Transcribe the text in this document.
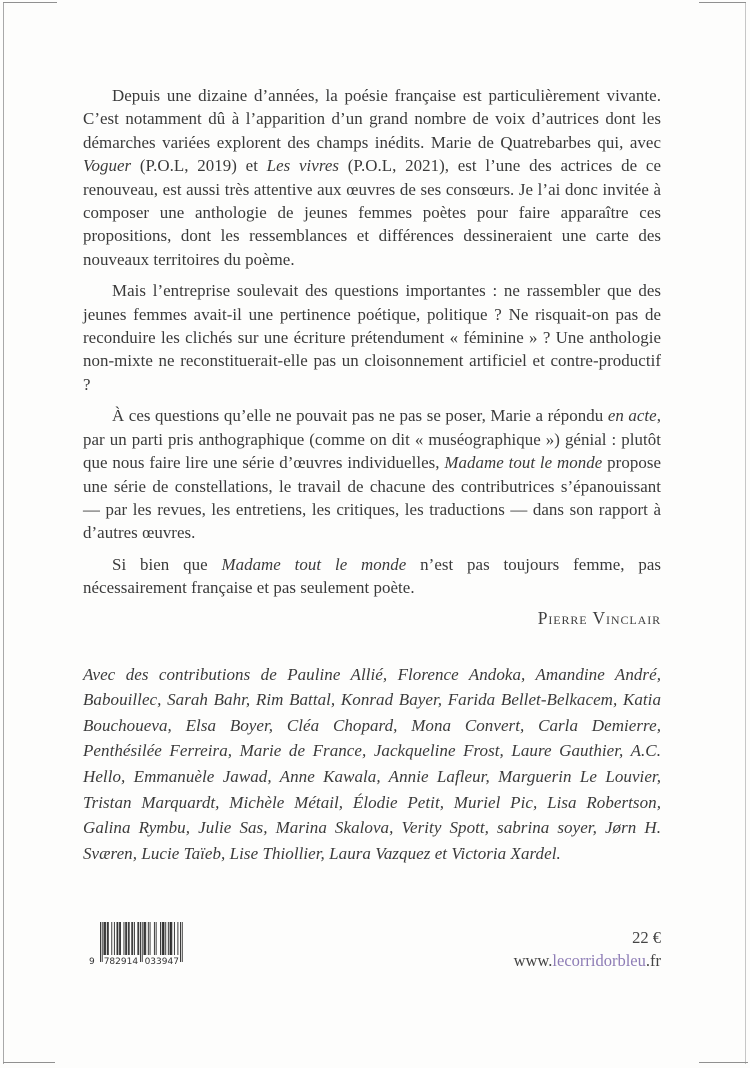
Depuis une dizaine d’années, la poésie française est particulièrement vivante. C’est notamment dû à l’apparition d’un grand nombre de voix d’autrices dont les démarches variées explorent des champs inédits. Marie de Quatrebarbes qui, avec Voguer (P.O.L, 2019) et Les vivres (P.O.L, 2021), est l’une des actrices de ce renouveau, est aussi très attentive aux œuvres de ses consœurs. Je l’ai donc invitée à composer une anthologie de jeunes femmes poètes pour faire apparaître ces propositions, dont les ressemblances et différences dessineraient une carte des nouveaux territoires du poème.

Mais l’entreprise soulevait des questions importantes : ne rassembler que des jeunes femmes avait-il une pertinence poétique, politique ? Ne risquait-on pas de reconduire les clichés sur une écriture prétendument « féminine » ? Une anthologie non-mixte ne reconstituerait-elle pas un cloisonnement artificiel et contre-productif ?

À ces questions qu’elle ne pouvait pas ne pas se poser, Marie a répondu en acte, par un parti pris anthographique (comme on dit « muséographique ») génial : plutôt que nous faire lire une série d’œuvres individuelles, Madame tout le monde propose une série de constellations, le travail de chacune des contributrices s’épanouissant — par les revues, les entretiens, les critiques, les traductions — dans son rapport à d’autres œuvres.

Si bien que Madame tout le monde n’est pas toujours femme, pas nécessairement française et pas seulement poète.

Pierre Vinclair

Avec des contributions de Pauline Allié, Florence Andoka, Amandine André, Babouillec, Sarah Bahr, Rim Battal, Konrad Bayer, Farida Bellet-Belkacem, Katia Bouchoueva, Elsa Boyer, Cléa Chopard, Mona Convert, Carla Demierre, Penthésilée Ferreira, Marie de France, Jackqueline Frost, Laure Gauthier, A.C. Hello, Emmanuèle Jawad, Anne Kawala, Annie Lafleur, Marguerin Le Louvier, Tristan Marquardt, Michèle Métail, Élodie Petit, Muriel Pic, Lisa Robertson, Galina Rymbu, Julie Sas, Marina Skalova, Verity Spott, sabrina soyer, Jørn H. Sværen, Lucie Taïeb, Lise Thiollier, Laura Vazquez et Victoria Xardel.

9 782914 033947
22 €
www.lecorridorbleu.fr
